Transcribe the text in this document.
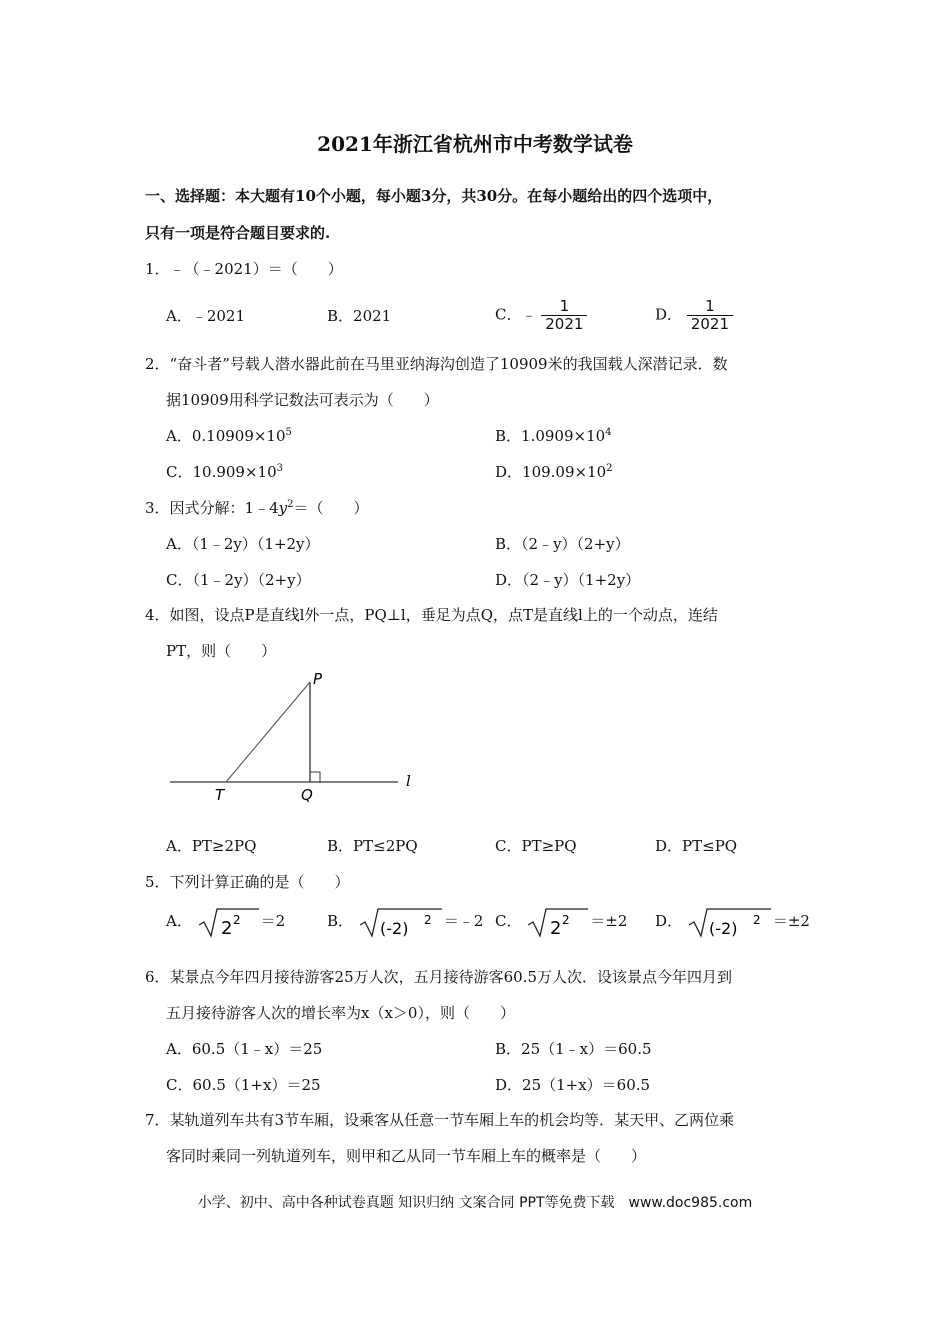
2021年浙江省杭州市中考数学试卷
一、选择题：本大题有10个小题，每小题3分，共30分。在每小题给出的四个选项中，
只有一项是符合题目要求的.
1．﹣（﹣2021）＝（　　）
A．﹣2021	B．2021	C．﹣ $\frac{1}{2021}$	D． $\frac{1}{2021}$
2．“奋斗者”号载人潜水器此前在马里亚纳海沟创造了10909米的我国载人深潜记录．数
据10909用科学记数法可表示为（　　）
A．$0.10909\times 10^5$	B．$1.0909\times 10^4$
C．$10.909\times 10^3$	D．$109.09\times 10^2$
3．因式分解：$1﹣4y^2=$（　　）
A．（1﹣2y）（1+2y）	B．（2﹣y）（2+y）
C．（1﹣2y）（2+y）	D．（2﹣y）（1+2y）
4．如图，设点P是直线l外一点，PQ⊥l，垂足为点Q，点T是直线l上的一个动点，连结
PT，则（　　）
P
T	Q
l
A．PT≥2PQ	B．PT≤2PQ	C．PT≥PQ	D．PT≤PQ
5．下列计算正确的是（　　）
A． 2 2 ＝2	B． (-2) 2 ＝﹣2 C． 2 2 ＝±2 D． (-2) 2 ＝±2
6．某景点今年四月接待游客25万人次，五月接待游客60.5万人次．设该景点今年四月到
五月接待游客人次的增长率为x（x＞0），则（　　）
A．60.5（1﹣x）＝25	B．25（1﹣x）＝60.5
C．60.5（1+x）＝25	D．25（1+x）＝60.5
7．某轨道列车共有3节车厢，设乘客从任意一节车厢上车的机会均等．某天甲、乙两位乘
客同时乘同一列轨道列车，则甲和乙从同一节车厢上车的概率是（　　）
小学、初中、高中各种试卷真题 知识归纳 文案合同 PPT等免费下载　www.doc985.com
